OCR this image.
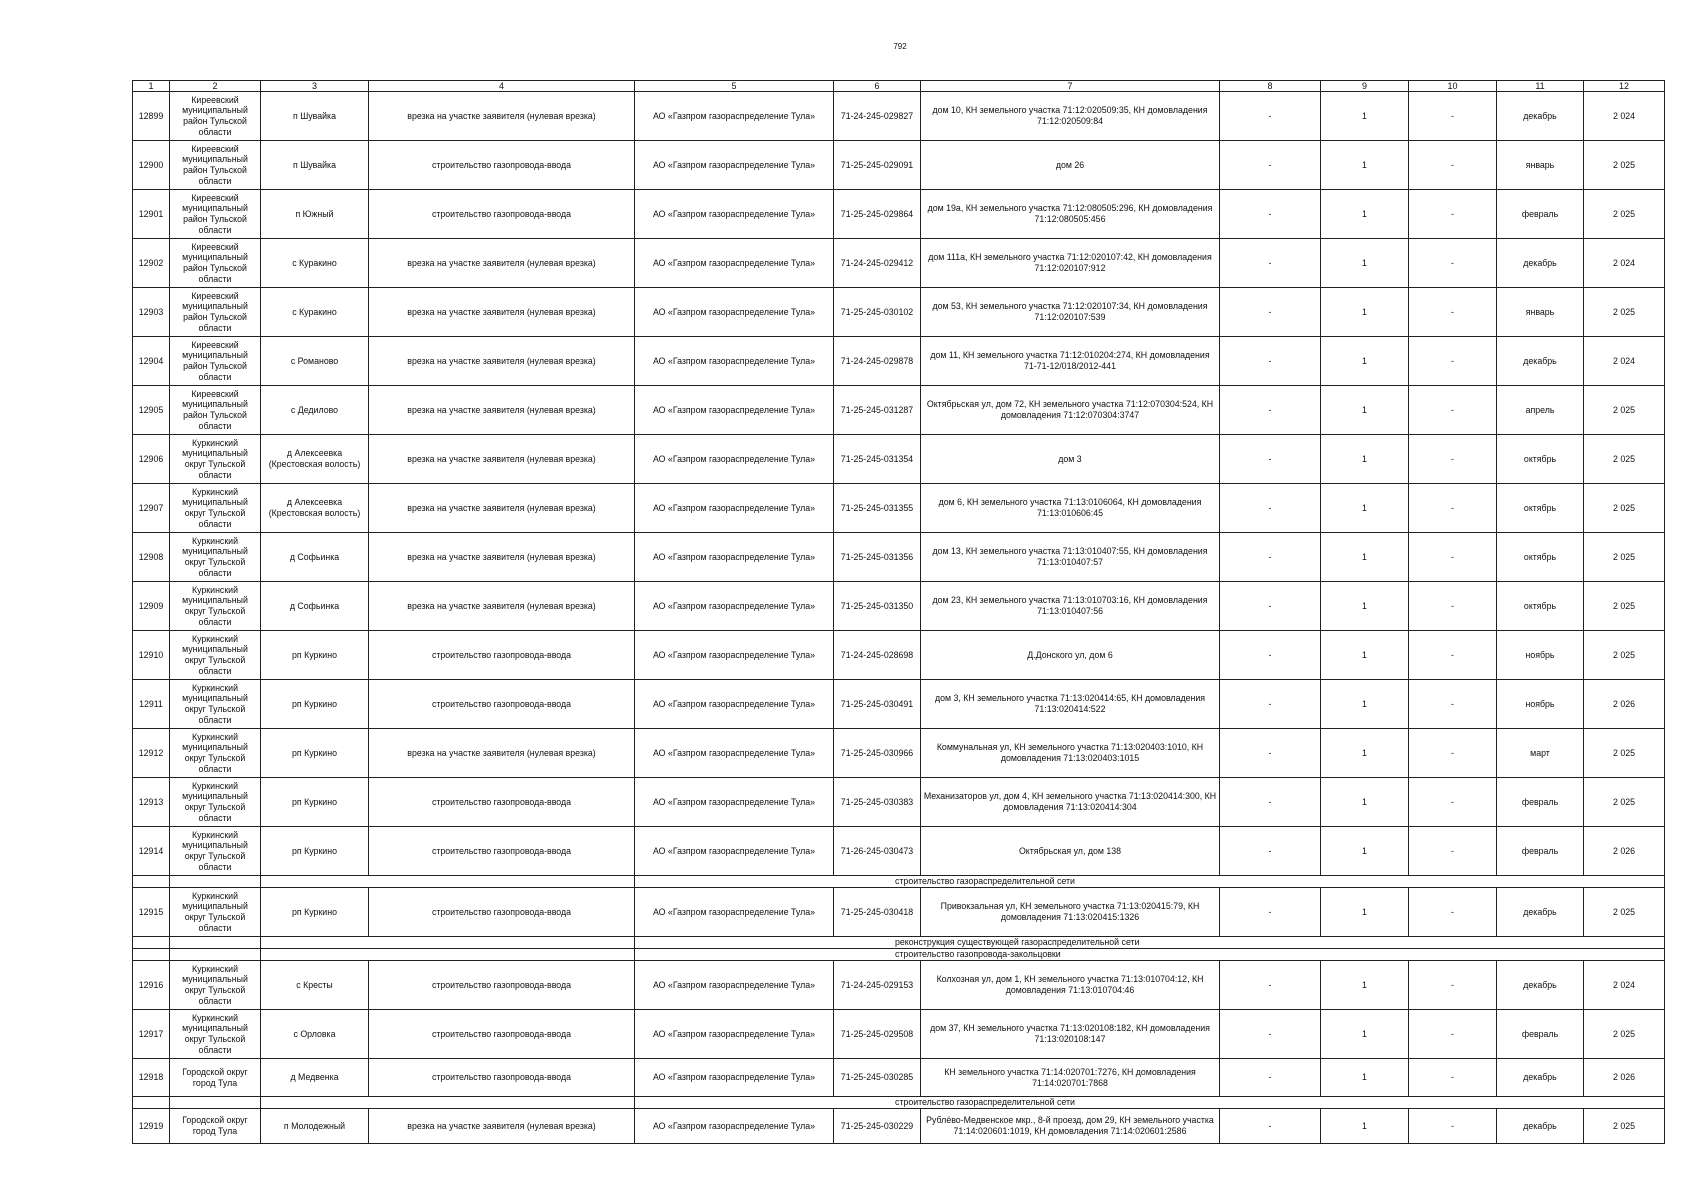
792
1	2	3	4	5	6	7	8	9	10	11	12
12899	Киреевский муниципальный район Тульской области	п Шувайка	врезка на участке заявителя (нулевая врезка)	АО «Газпром газораспределение Тула»	71-24-245-029827	дом 10, КН земельного участка 71:12:020509:35, КН домовладения 71:12:020509:84	-	1	-	декабрь	2 024
12900	Киреевский муниципальный район Тульской области	п Шувайка	строительство газопровода-ввода	АО «Газпром газораспределение Тула»	71-25-245-029091	дом 26	-	1	-	январь	2 025
12901	Киреевский муниципальный район Тульской области	п Южный	строительство газопровода-ввода	АО «Газпром газораспределение Тула»	71-25-245-029864	дом 19а, КН земельного участка 71:12:080505:296, КН домовладения 71:12:080505:456	-	1	-	февраль	2 025
12902	Киреевский муниципальный район Тульской области	с Куракино	врезка на участке заявителя (нулевая врезка)	АО «Газпром газораспределение Тула»	71-24-245-029412	дом 111а, КН земельного участка 71:12:020107:42, КН домовладения 71:12:020107:912	-	1	-	декабрь	2 024
12903	Киреевский муниципальный район Тульской области	с Куракино	врезка на участке заявителя (нулевая врезка)	АО «Газпром газораспределение Тула»	71-25-245-030102	дом 53, КН земельного участка 71:12:020107:34, КН домовладения 71:12:020107:539	-	1	-	январь	2 025
12904	Киреевский муниципальный район Тульской области	с Романово	врезка на участке заявителя (нулевая врезка)	АО «Газпром газораспределение Тула»	71-24-245-029878	дом 11, КН земельного участка 71:12:010204:274, КН домовладения 71-71-12/018/2012-441	-	1	-	декабрь	2 024
12905	Киреевский муниципальный район Тульской области	с Дедилово	врезка на участке заявителя (нулевая врезка)	АО «Газпром газораспределение Тула»	71-25-245-031287	Октябрьская ул, дом 72, КН земельного участка 71:12:070304:524, КН домовладения 71:12:070304:3747	-	1	-	апрель	2 025
12906	Куркинский муниципальный округ Тульской области	д Алексеевка (Крестовская волость)	врезка на участке заявителя (нулевая врезка)	АО «Газпром газораспределение Тула»	71-25-245-031354	дом 3	-	1	-	октябрь	2 025
12907	Куркинский муниципальный округ Тульской области	д Алексеевка (Крестовская волость)	врезка на участке заявителя (нулевая врезка)	АО «Газпром газораспределение Тула»	71-25-245-031355	дом 6, КН земельного участка 71:13:0106064, КН домовладения 71:13:010606:45	-	1	-	октябрь	2 025
12908	Куркинский муниципальный округ Тульской области	д Софьинка	врезка на участке заявителя (нулевая врезка)	АО «Газпром газораспределение Тула»	71-25-245-031356	дом 13, КН земельного участка 71:13:010407:55, КН домовладения 71:13:010407:57	-	1	-	октябрь	2 025
12909	Куркинский муниципальный округ Тульской области	д Софьинка	врезка на участке заявителя (нулевая врезка)	АО «Газпром газораспределение Тула»	71-25-245-031350	дом 23, КН земельного участка 71:13:010703:16, КН домовладения 71:13:010407:56	-	1	-	октябрь	2 025
12910	Куркинский муниципальный округ Тульской области	рп Куркино	строительство газопровода-ввода	АО «Газпром газораспределение Тула»	71-24-245-028698	Д.Донского ул, дом 6	-	1	-	ноябрь	2 025
12911	Куркинский муниципальный округ Тульской области	рп Куркино	строительство газопровода-ввода	АО «Газпром газораспределение Тула»	71-25-245-030491	дом 3, КН земельного участка 71:13:020414:65, КН домовладения 71:13:020414:522	-	1	-	ноябрь	2 026
12912	Куркинский муниципальный округ Тульской области	рп Куркино	врезка на участке заявителя (нулевая врезка)	АО «Газпром газораспределение Тула»	71-25-245-030966	Коммунальная ул, КН земельного участка 71:13:020403:1010, КН домовладения 71:13:020403:1015	-	1	-	март	2 025
12913	Куркинский муниципальный округ Тульской области	рп Куркино	строительство газопровода-ввода	АО «Газпром газораспределение Тула»	71-25-245-030383	Механизаторов ул, дом 4, КН земельного участка 71:13:020414:300, КН домовладения 71:13:020414:304	-	1	-	февраль	2 025
12914	Куркинский муниципальный округ Тульской области	рп Куркино	строительство газопровода-ввода	АО «Газпром газораспределение Тула»	71-26-245-030473	Октябрьская ул, дом 138	-	1	-	февраль	2 026
				строительство газораспределительной сети							
12915	Куркинский муниципальный округ Тульской области	рп Куркино	строительство газопровода-ввода	АО «Газпром газораспределение Тула»	71-25-245-030418	Привокзальная ул, КН земельного участка 71:13:020415:79, КН домовладения 71:13:020415:1326	-	1	-	декабрь	2 025
				реконструкция существующей газораспределительной сети							
				строительство газопровода-закольцовки							
12916	Куркинский муниципальный округ Тульской области	с Кресты	строительство газопровода-ввода	АО «Газпром газораспределение Тула»	71-24-245-029153	Колхозная ул, дом 1, КН земельного участка 71:13:010704:12, КН домовладения 71:13:010704:46	-	1	-	декабрь	2 024
12917	Куркинский муниципальный округ Тульской области	с Орловка	строительство газопровода-ввода	АО «Газпром газораспределение Тула»	71-25-245-029508	дом 37, КН земельного участка 71:13:020108:182, КН домовладения 71:13:020108:147	-	1	-	февраль	2 025
12918	Городской округ город Тула	д Медвенка	строительство газопровода-ввода	АО «Газпром газораспределение Тула»	71-25-245-030285	КН земельного участка 71:14:020701:7276, КН домовладения 71:14:020701:7868	-	1	-	декабрь	2 026
				строительство газораспределительной сети							
12919	Городской округ город Тула	п Молодежный	врезка на участке заявителя (нулевая врезка)	АО «Газпром газораспределение Тула»	71-25-245-030229	Рублёво-Медвенское мкр., 8-й проезд, дом 29, КН земельного участка 71:14:020601:1019, КН домовладения 71:14:020601:2586	-	1	-	декабрь	2 025
